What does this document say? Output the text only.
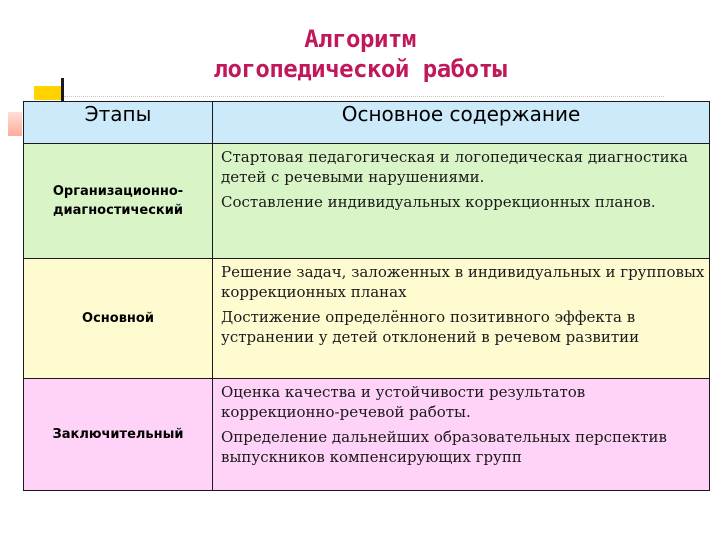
Алгоритм
логопедической работы
Этапы	Основное содержание
Организационно-диагностический	Стартовая педагогическая и логопедическая диагностика детей с речевыми нарушениями.

Составление индивидуальных коррекционных планов.

Основной	Решение задач, заложенных в индивидуальных и групповых коррекционных планах

Достижение определённого позитивного эффекта в устранении у детей отклонений в речевом развитии

Заключительный	Оценка качества и устойчивости результатов коррекционно-речевой работы.

Определение дальнейших образовательных перспектив выпускников компенсирующих групп
